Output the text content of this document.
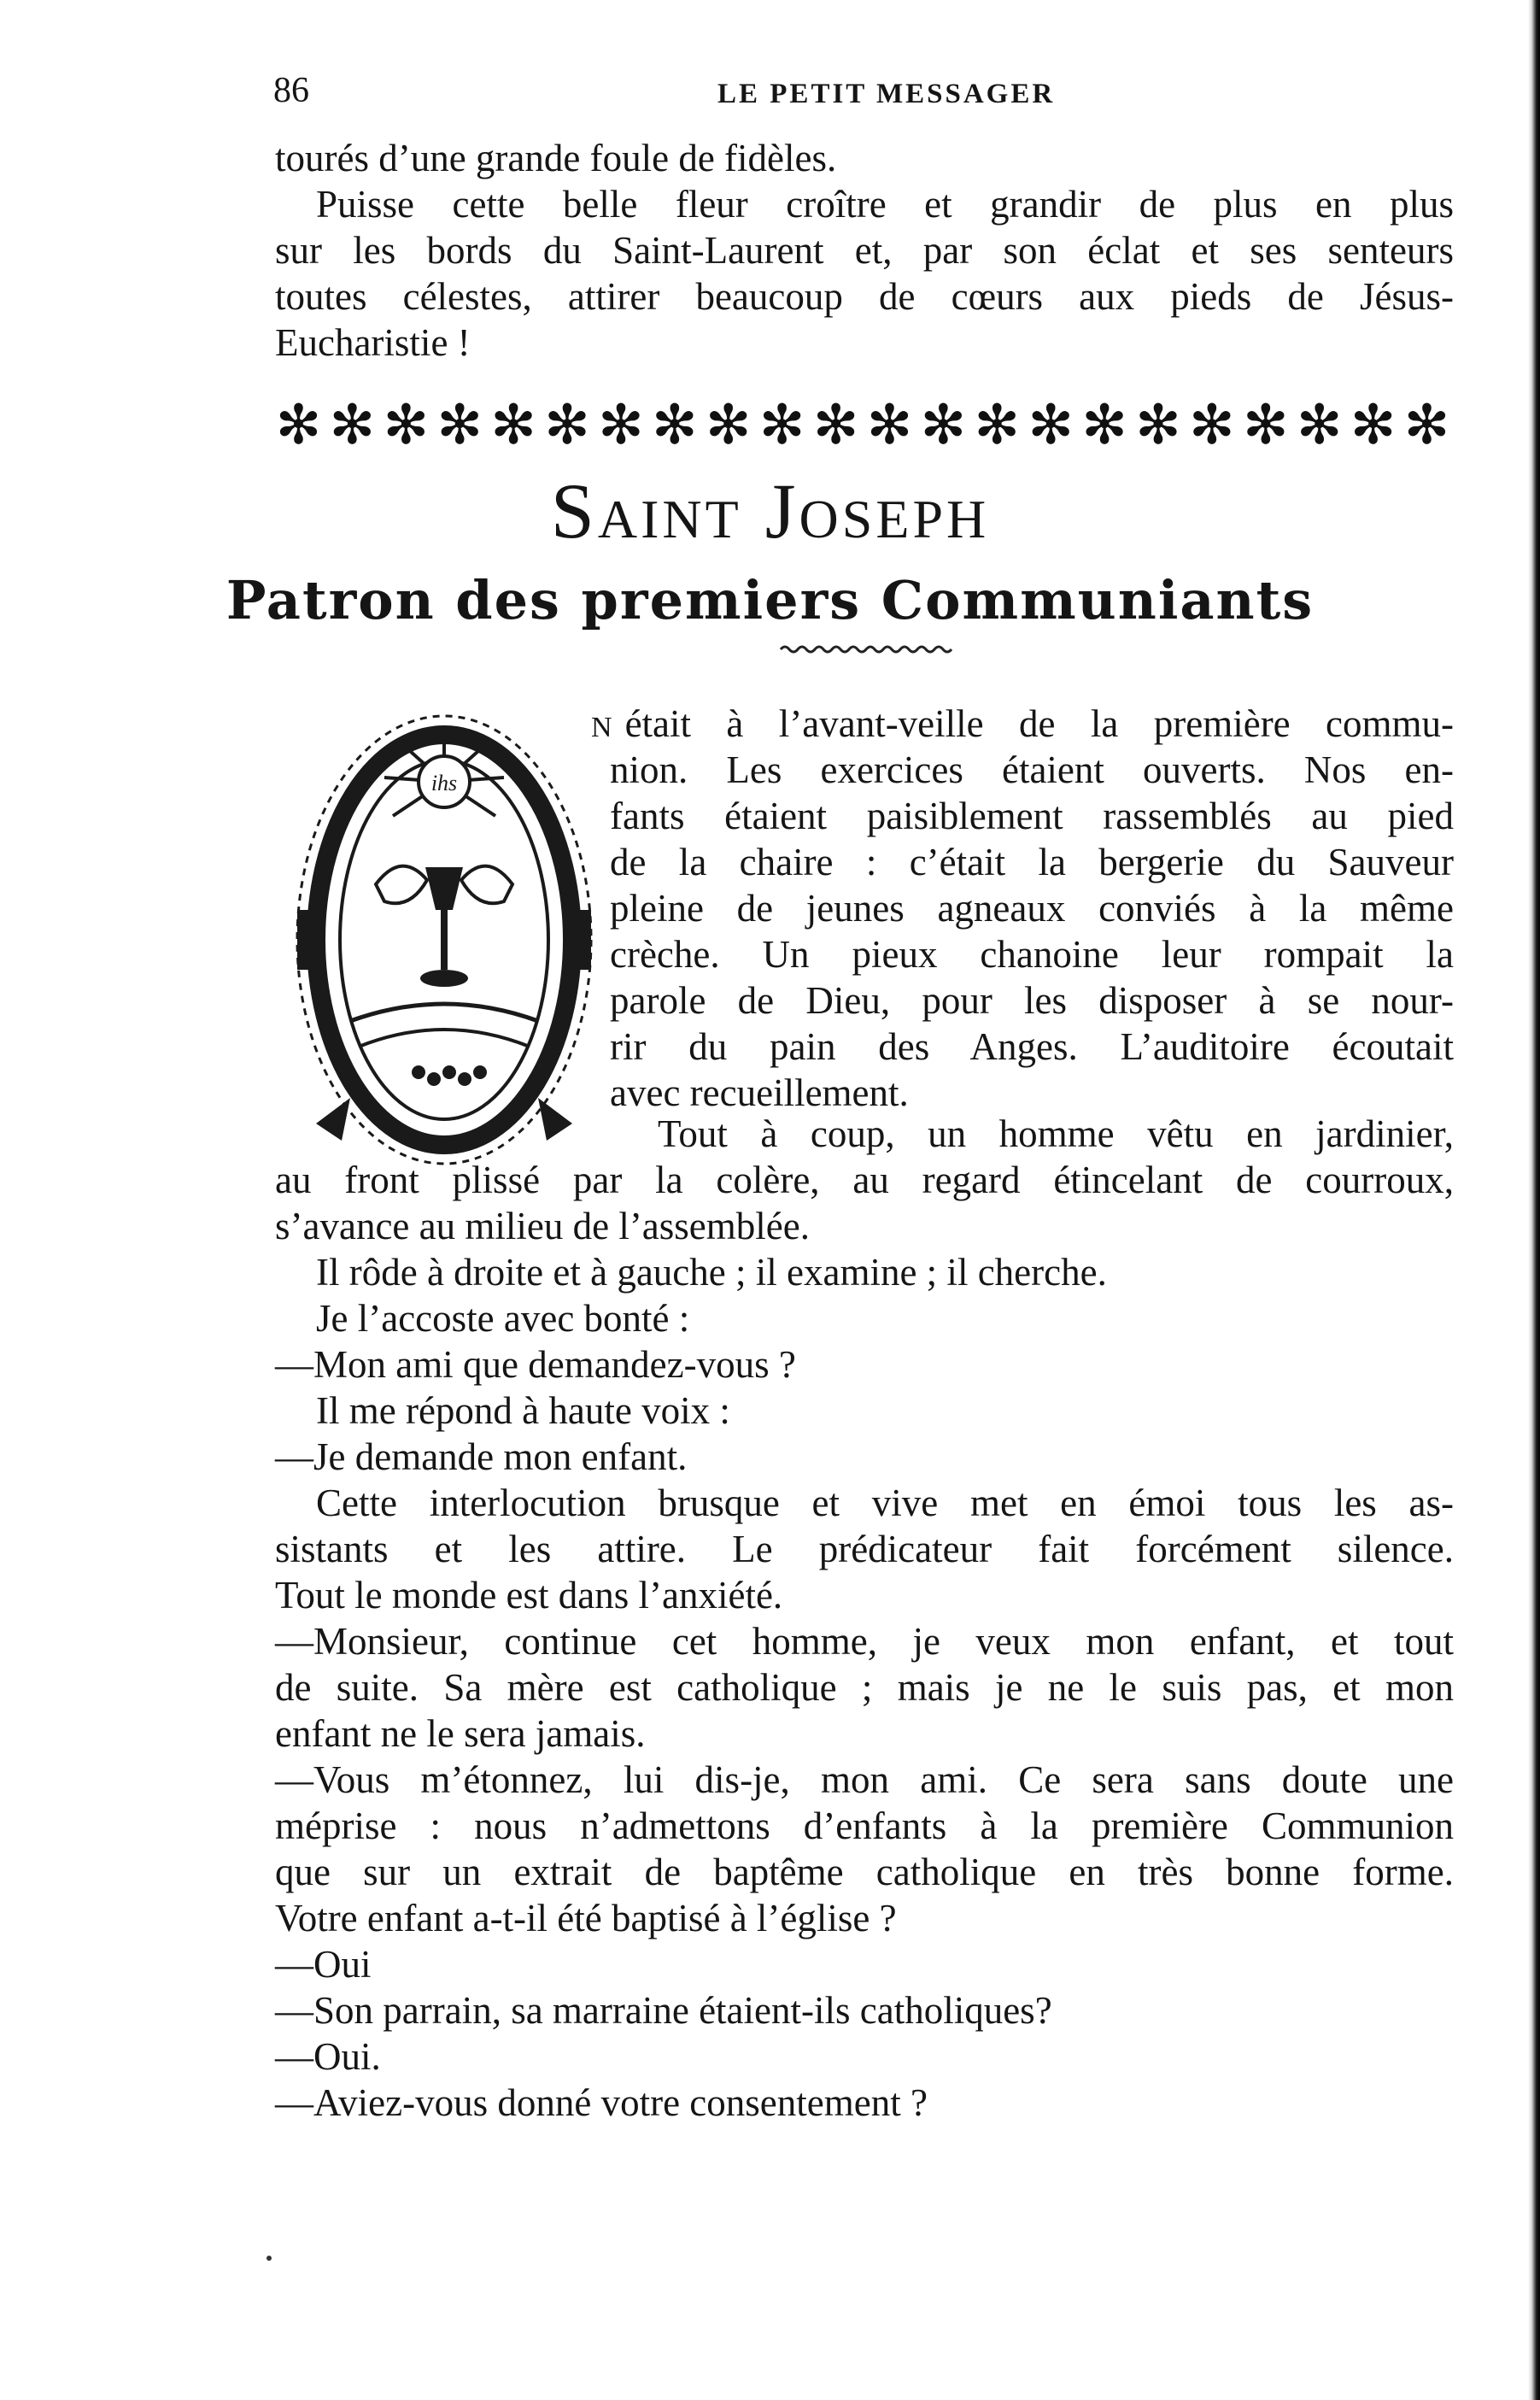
86	LE PETIT MESSAGER
tourés d’une grande foule de fidèles.
Puisse cette belle fleur croître et grandir de plus en plus
sur les bords du Saint-Laurent et, par son éclat et ses senteurs
toutes célestes, attirer beaucoup de cœurs aux pieds de Jésus-
Eucharistie !
✻ ✻ ✻ ✻ ✻ ✻ ✻ ✻ ✻ ✻ ✻ ✻ ✻ ✻ ✻ ✻ ✻ ✻ ✻ ✻ ✻ ✻
Saint Joseph
Patron des premiers Communiants
ihs
N était à l’avant-veille de la première commu-
nion. Les exercices étaient ouverts. Nos en-
fants étaient paisiblement rassemblés au pied
de la chaire : c’était la bergerie du Sauveur
pleine de jeunes agneaux conviés à la même
crèche. Un pieux chanoine leur rompait la
parole de Dieu, pour les disposer à se nour-
rir du pain des Anges. L’auditoire écoutait
avec recueillement.
Tout à coup, un homme vêtu en jardinier,
au front plissé par la colère, au regard étincelant de courroux,
s’avance au milieu de l’assemblée.
Il rôde à droite et à gauche ; il examine ; il cherche.
Je l’accoste avec bonté :
—Mon ami que demandez-vous ?
Il me répond à haute voix :
—Je demande mon enfant.
Cette interlocution brusque et vive met en émoi tous les as-
sistants et les attire. Le prédicateur fait forcément silence.
Tout le monde est dans l’anxiété.
—Monsieur, continue cet homme, je veux mon enfant, et tout
de suite. Sa mère est catholique ; mais je ne le suis pas, et mon
enfant ne le sera jamais.
—Vous m’étonnez, lui dis-je, mon ami. Ce sera sans doute une
méprise : nous n’admettons d’enfants à la première Communion
que sur un extrait de baptême catholique en très bonne forme.
Votre enfant a-t-il été baptisé à l’église ?
—Oui
—Son parrain, sa marraine étaient-ils catholiques?
—Oui.
—Aviez-vous donné votre consentement ?
